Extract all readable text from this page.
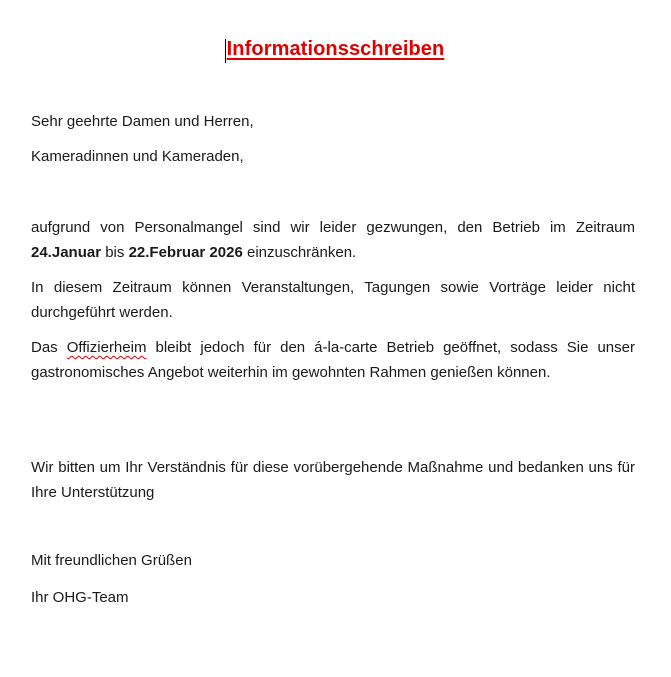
Informationsschreiben
Sehr geehrte Damen und Herren,
Kameradinnen und Kameraden,
aufgrund von Personalmangel sind wir leider gezwungen, den Betrieb im Zeitraum 24.Januar bis 22.Februar 2026 einzuschränken.
In diesem Zeitraum können Veranstaltungen, Tagungen sowie Vorträge leider nicht durchgeführt werden.
Das Offizierheim bleibt jedoch für den á-la-carte Betrieb geöffnet, sodass Sie unser gastronomisches Angebot weiterhin im gewohnten Rahmen genießen können.
Wir bitten um Ihr Verständnis für diese vorübergehende Maßnahme und bedanken uns für Ihre Unterstützung
Mit freundlichen Grüßen
Ihr OHG-Team
